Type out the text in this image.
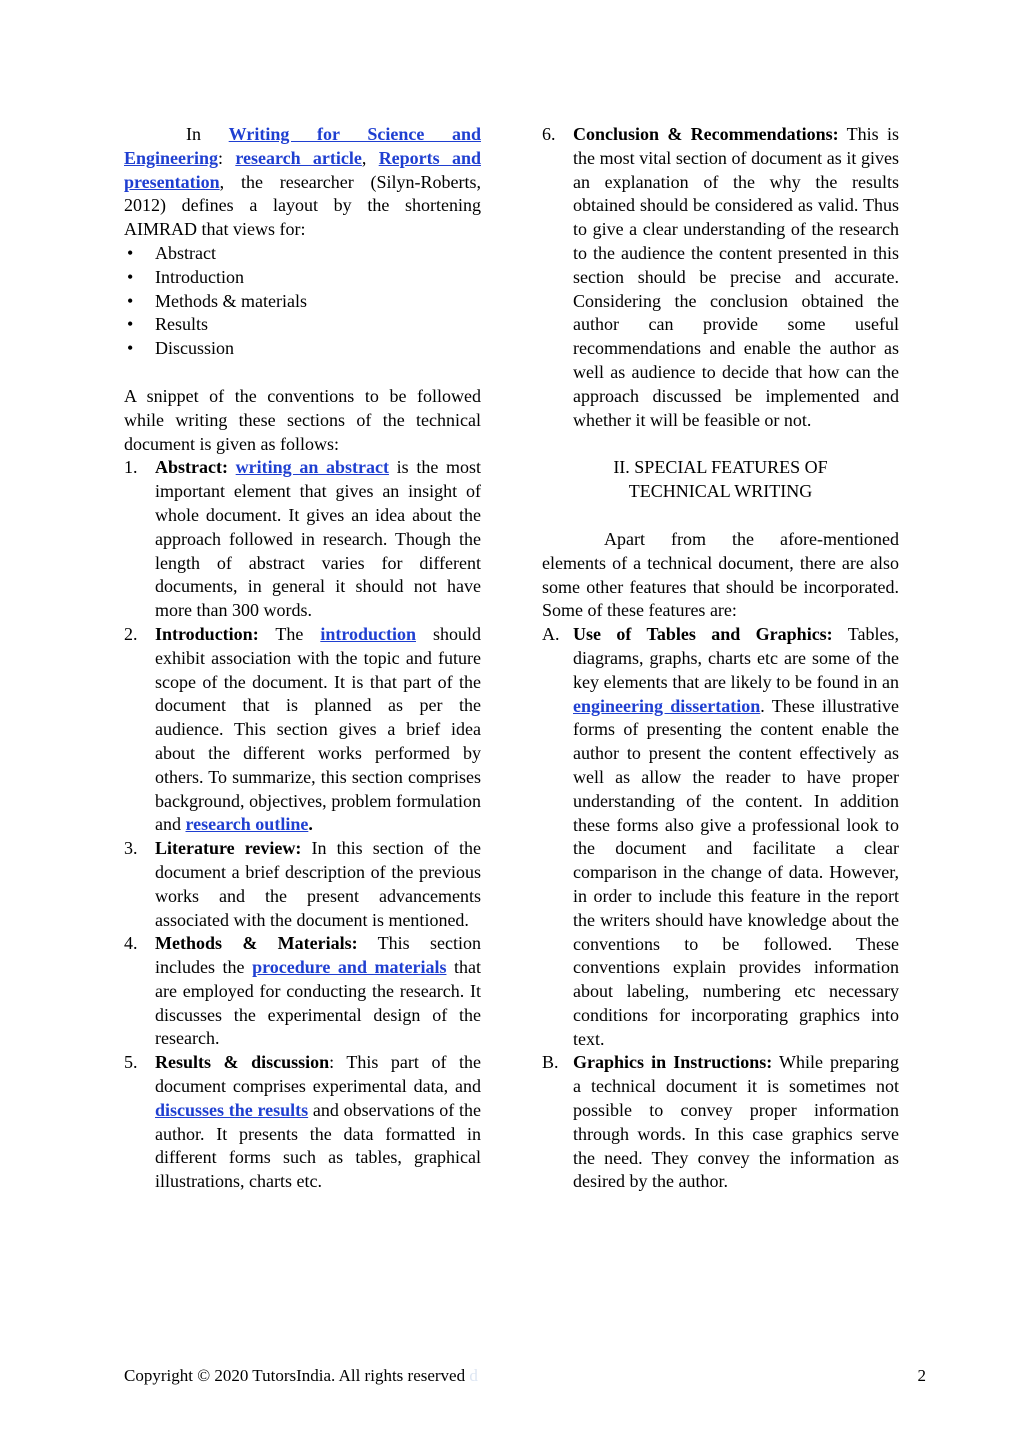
In Writing for Science and Engineering: research article, Reports and presentation, the researcher (Silyn-Roberts, 2012) defines a layout by the shortening AIMRAD that views for:

• Abstract
• Introduction
• Methods & materials
• Results
• Discussion

A snippet of the conventions to be followed while writing these sections of the technical document is given as follows:

1. Abstract: writing an abstract is the most important element that gives an insight of whole document. It gives an idea about the approach followed in research. Though the length of abstract varies for different documents, in general it should not have more than 300 words.
2. Introduction: The introduction should exhibit association with the topic and future scope of the document. It is that part of the document that is planned as per the audience. This section gives a brief idea about the different works performed by others. To summarize, this section comprises background, objectives, problem formulation and research outline.
3. Literature review: In this section of the document a brief description of the previous works and the present advancements associated with the document is mentioned.
4. Methods & Materials: This section includes the procedure and materials that are employed for conducting the research. It discusses the experimental design of the research.
5. Results & discussion: This part of the document comprises experimental data, and discusses the results and observations of the author. It presents the data formatted in different forms such as tables, graphical illustrations, charts etc.
6. Conclusion & Recommendations: This is the most vital section of document as it gives an explanation of the why the results obtained should be considered as valid. Thus to give a clear understanding of the research to the audience the content presented in this section should be precise and accurate. Considering the conclusion obtained the author can provide some useful recommendations and enable the author as well as audience to decide that how can the approach discussed be implemented and whether it will be feasible or not.

II. SPECIAL FEATURES OF
TECHNICAL WRITING

Apart from the afore-mentioned elements of a technical document, there are also some other features that should be incorporated. Some of these features are:

A. Use of Tables and Graphics: Tables, diagrams, graphs, charts etc are some of the key elements that are likely to be found in an engineering dissertation. These illustrative forms of presenting the content enable the author to present the content effectively as well as allow the reader to have proper understanding of the content. In addition these forms also give a professional look to the document and facilitate a clear comparison in the change of data. However, in order to include this feature in the report the writers should have knowledge about the conventions to be followed. These conventions explain provides information about labeling, numbering etc necessary conditions for incorporating graphics into text.
B. Graphics in Instructions: While preparing a technical document it is sometimes not possible to convey proper information through words. In this case graphics serve the need. They convey the information as desired by the author.
Copyright © 2020 TutorsIndia. All rights reserved d	2
